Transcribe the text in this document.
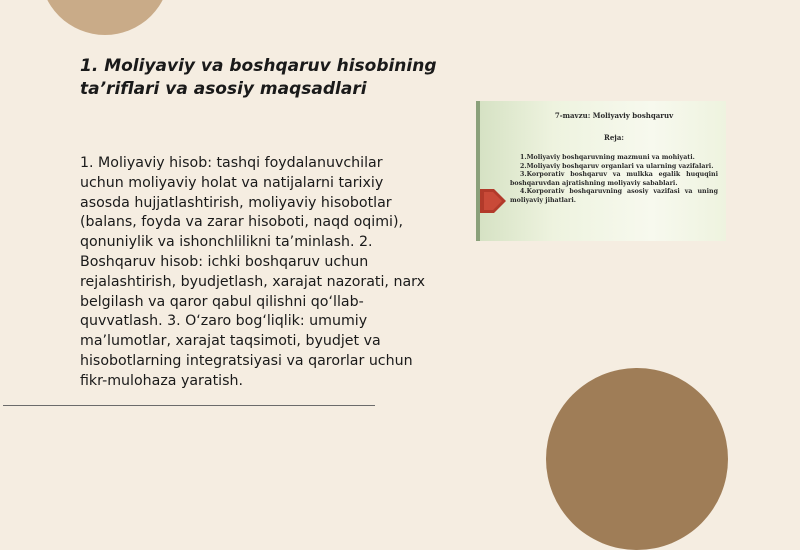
1. Moliyaviy va boshqaruv hisobining
ta’riflari va asosiy maqsadlari
1. Moliyaviy hisob: tashqi foydalanuvchilar uchun moliyaviy holat va natijalarni tarixiy asosda hujjatlashtirish, moliyaviy hisobotlar (balans, foyda va zarar hisoboti, naqd oqimi), qonuniylik va ishonchlilikni ta’minlash. 2. Boshqaruv hisob: ichki boshqaruv uchun rejalashtirish, byudjetlash, xarajat nazorati, narx belgilash va qaror qabul qilishni qo‘llab-quvvatlash. 3. O‘zaro bog‘liqlik: umumiy ma’lumotlar, xarajat taqsimoti, byudjet va hisobotlarning integratsiyasi va qarorlar uchun fikr-mulohaza yaratish.
7-mavzu: Moliyaviy boshqaruv
Reja:
1.Moliyaviy boshqaruvning mazmuni va mohiyati.
2.Moliyaviy boshqaruv organlari va ularning vazifalari.
3.Korporativ boshqaruv va mulkka egalik huquqini boshqaruvdan ajratishning moliyaviy sabablari.
4.Korporativ boshqaruvning asosiy vazifasi va uning moliyaviy jihatlari.
